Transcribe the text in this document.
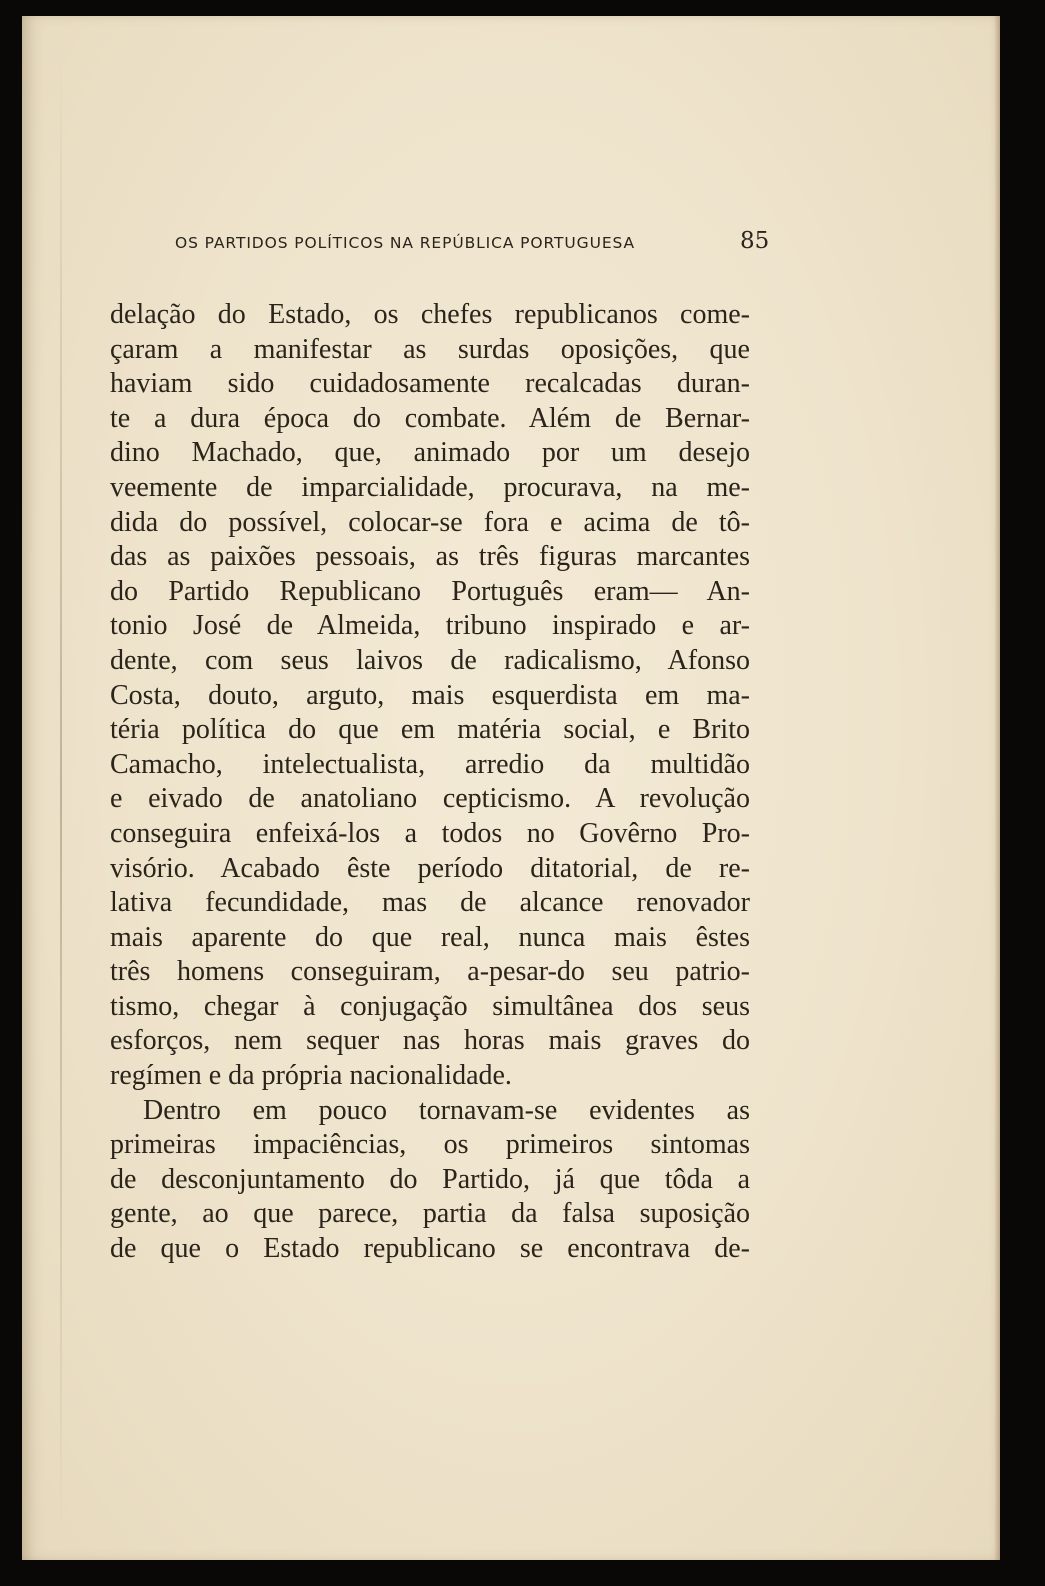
OS PARTIDOS POLÍTICOS NA REPÚBLICA PORTUGUESA	85
delação do Estado, os chefes republicanos come-
çaram a manifestar as surdas oposições, que
haviam sido cuidadosamente recalcadas duran-
te a dura época do combate. Além de Bernar-
dino Machado, que, animado por um desejo
veemente de imparcialidade, procurava, na me-
dida do possível, colocar-se fora e acima de tô-
das as paixões pessoais, as três figuras marcantes
do Partido Republicano Português eram— An-
tonio José de Almeida, tribuno inspirado e ar-
dente, com seus laivos de radicalismo, Afonso
Costa, douto, arguto, mais esquerdista em ma-
téria política do que em matéria social, e Brito
Camacho, intelectualista, arredio da multidão
e eivado de anatoliano cepticismo. A revolução
conseguira enfeixá-los a todos no Govêrno Pro-
visório. Acabado êste período ditatorial, de re-
lativa fecundidade, mas de alcance renovador
mais aparente do que real, nunca mais êstes
três homens conseguiram, a-pesar-do seu patrio-
tismo, chegar à conjugação simultânea dos seus
esforços, nem sequer nas horas mais graves do
regímen e da própria nacionalidade.
Dentro em pouco tornavam-se evidentes as
primeiras impaciências, os primeiros sintomas
de desconjuntamento do Partido, já que tôda a
gente, ao que parece, partia da falsa suposição
de que o Estado republicano se encontrava de-
